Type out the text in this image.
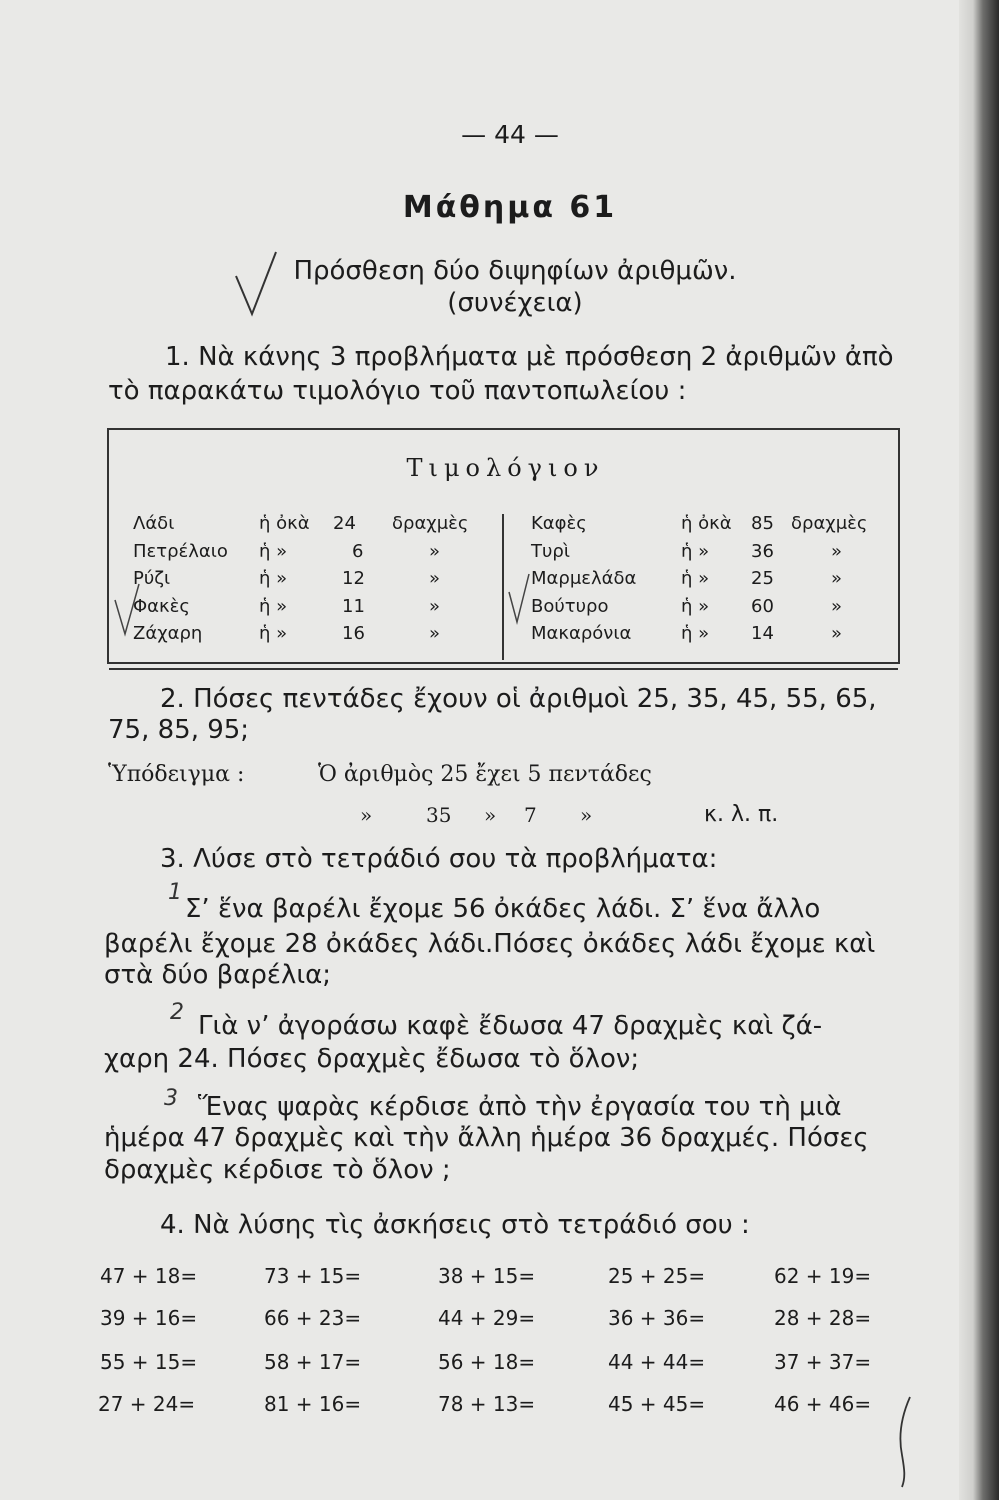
— 44 —
Μάθημα 61
Πρόσθεση δύο διψηφίων ἀριθμῶν.
(συνέχεια)
1. Νὰ κάνης 3 προβλήματα μὲ πρόσθεση 2 ἀριθμῶν ἀπὸ
τὸ παρακάτω τιμολόγιο τοῦ παντοπωλείου :
Τιμολόγιον
Λάδι	ἡ ὀκὰ 24 δραχμὲς
Πετρέλαιο ἡ »	6	»
Ρύζι	ἡ »	12	»
Φακὲς	ἡ »	11	»
Ζάχαρη	ἡ »	16	»
Καφὲς	ἡ ὀκὰ 85 δραχμὲς
Τυρὶ	ἡ » 36	»
Μαρμελάδα ἡ » 25	»
Βούτυρο	ἡ » 60	»
Μακαρόνια	ἡ » 14	»
2. Πόσες πεντάδες ἔχουν οἱ ἀριθμοὶ 25, 35, 45, 55, 65,
75, 85, 95;
Ὑπόδειγμα :	Ὁ ἀριθμὸς 25 ἔχει 5 πεντάδες
»	35 » 7 »	κ. λ. π.
3. Λύσε στὸ τετράδιό σου τὰ προβλήματα:
1
Σ’ ἕνα βαρέλι ἔχομε 56 ὀκάδες λάδι. Σ’ ἕνα ἄλλο
βαρέλι ἔχομε 28 ὀκάδες λάδι.Πόσες ὀκάδες λάδι ἔχομε καὶ
στὰ δύο βαρέλια;
2 Γιὰ ν’ ἀγοράσω καφὲ ἔδωσα 47 δραχμὲς καὶ ζά-
χαρη 24. Πόσες δραχμὲς ἔδωσα τὸ ὅλον;
3 Ἕνας ψαρὰς κέρδισε ἀπὸ τὴν ἐργασία του τὴ μιὰ
ἡμέρα 47 δραχμὲς καὶ τὴν ἄλλη ἡμέρα 36 δραχμές. Πόσες
δραχμὲς κέρδισε τὸ ὅλον ;
4. Νὰ λύσης τὶς ἀσκήσεις στὸ τετράδιό σου :
47 + 18=	73 + 15=	38 + 15=	25 + 25=	62 + 19=
39 + 16=	66 + 23=	44 + 29=	36 + 36=	28 + 28=
55 + 15=	58 + 17=	56 + 18=	44 + 44=	37 + 37=
27 + 24=	81 + 16=	78 + 13=	45 + 45=	46 + 46=
